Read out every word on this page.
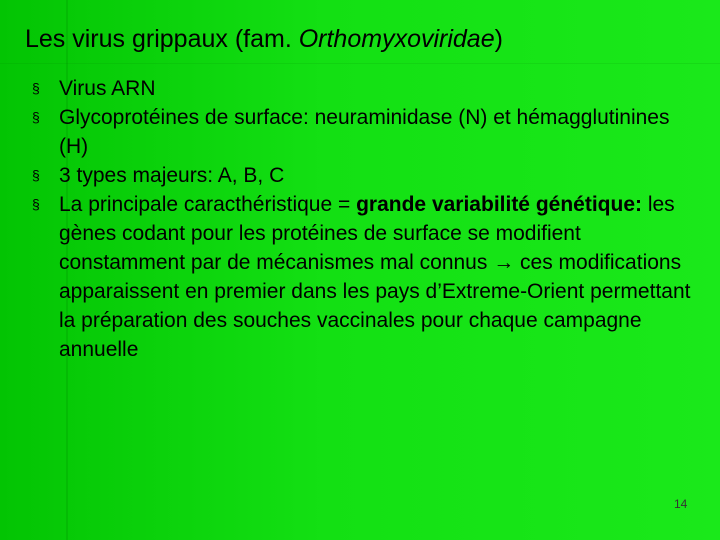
Les virus grippaux (fam. Orthomyxoviridae)
§ Virus ARN
§ Glycoprotéines de surface: neuraminidase (N) et hémagglutinines (H)
§ 3 types majeurs: A, B, C
§ La principale caracthéristique = grande variabilité génétique: les gènes codant pour les protéines de surface se modifient constamment par de mécanismes mal connus → ces modifications apparaissent en premier dans les pays d’Extreme-Orient permettant la préparation des souches vaccinales pour chaque campagne annuelle
14
